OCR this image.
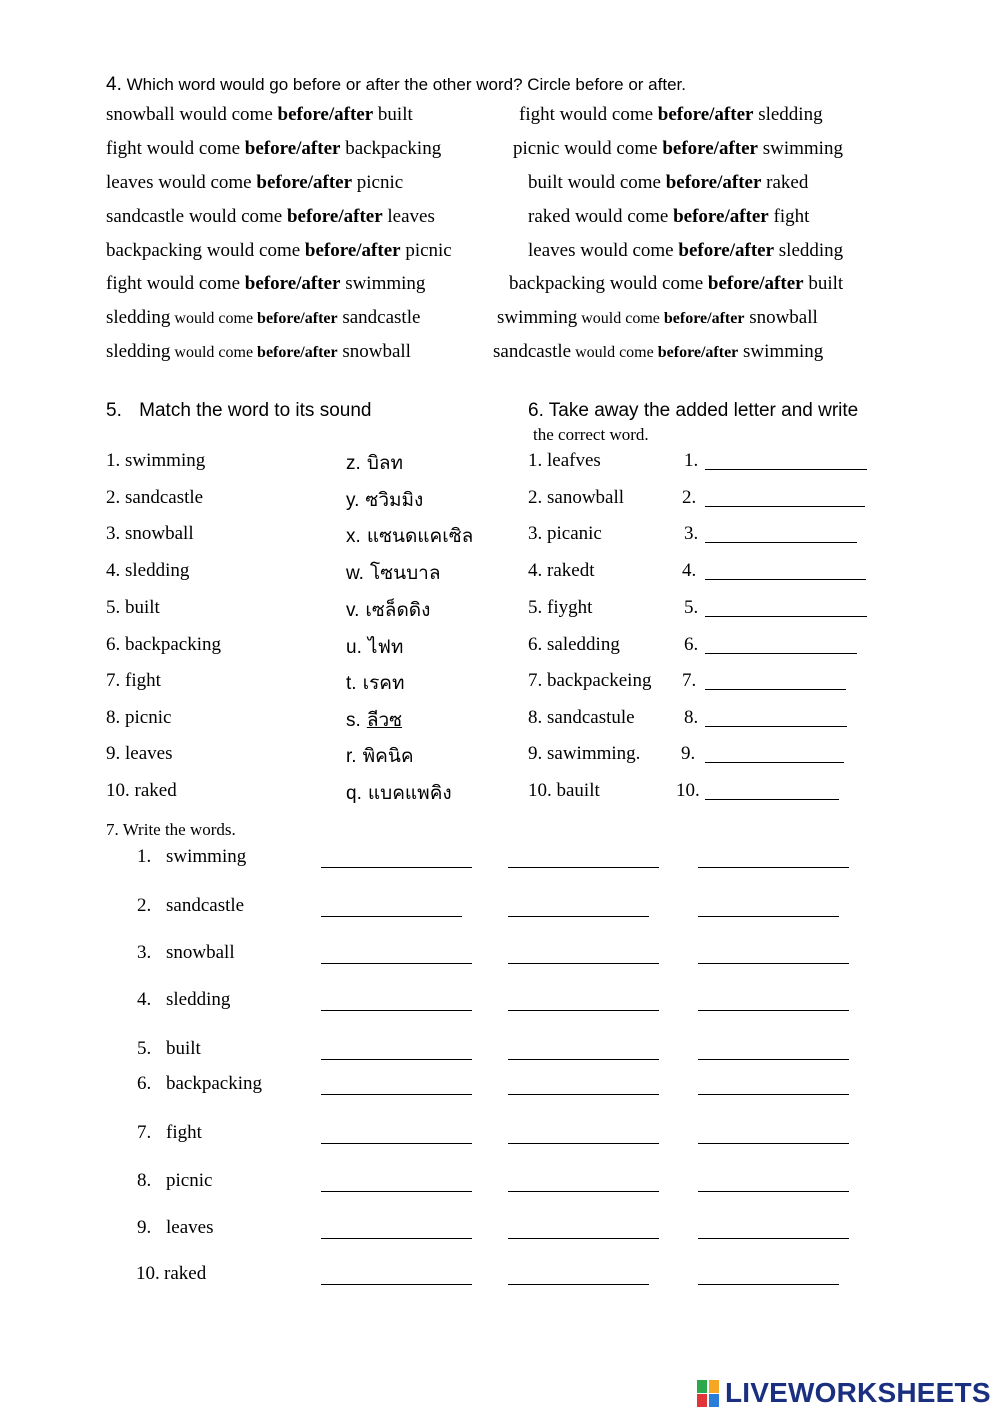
4. Which word would go before or after the other word? Circle before or after.
snowball would come before/after built	fight would come before/after sledding
fight would come before/after backpacking	picnic would come before/after swimming
leaves would come before/after picnic	built would come before/after raked
sandcastle would come before/after leaves	raked would come before/after fight
backpacking would come before/after picnic	leaves would come before/after sledding
fight would come before/after swimming	backpacking would come before/after built
sledding would come before/after sandcastle	swimming would come before/after snowball
sledding would come before/after snowball	sandcastle would come before/after swimming
5. Match the word to its sound	6. Take away the added letter and write
the correct word.
1. swimming	z. บิลท	1. leafves	1.
2. sandcastle	y. ซวิมมิง	2. sanowball	2.
3. snowball	x. แซนดแคเซิล	3. picanic	3.
4. sledding	w. โซนบาล	4. rakedt	4.
5. built	v. เซล็ดดิง	5. fiyght	5.
6. backpacking	u. ไฟท	6. saledding	6.
7. fight	t. เรคท	7. backpackeing 7.
8. picnic	s. ลีวซ	8. sandcastule	8.
9. leaves	r. พิคนิค	9. sawimming. 9.
10. raked	q. แบคแพคิง	10. bauilt	10.
7. Write the words.
1. swimming
2. sandcastle
3. snowball
4. sledding
5. built
6. backpacking
7. fight
8. picnic
9. leaves
10. raked
LIVEWORKSHEETS
